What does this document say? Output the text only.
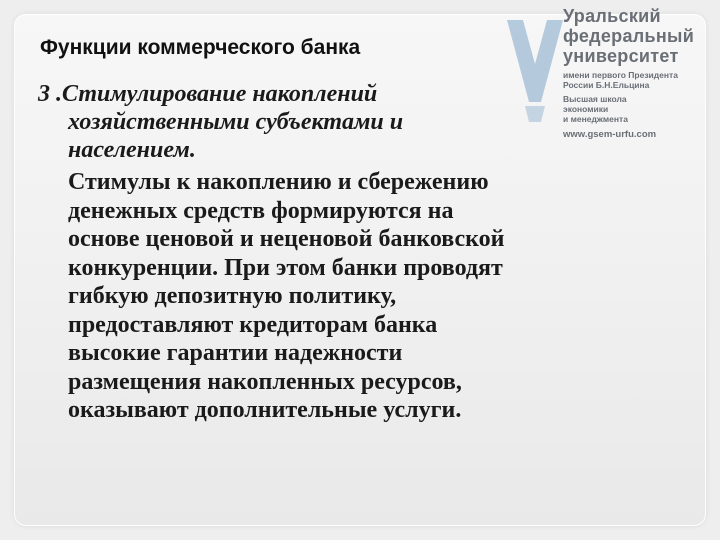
Функции коммерческого банка
Уральский
федеральный
университет
имени первого Президента
России Б.Н.Ельцина
Высшая школа
экономики
и менеджмента
www.gsem-urfu.com

3 .Стимулирование накоплений
хозяйственными субъектами и
населением.

Стимулы к накоплению и сбережению
денежных средств формируются на
основе ценовой и неценовой банковской
конкуренции. При этом банки проводят
гибкую депозитную политику,
предоставляют кредиторам банка
высокие гарантии надежности
размещения накопленных ресурсов,
оказывают дополнительные услуги.
